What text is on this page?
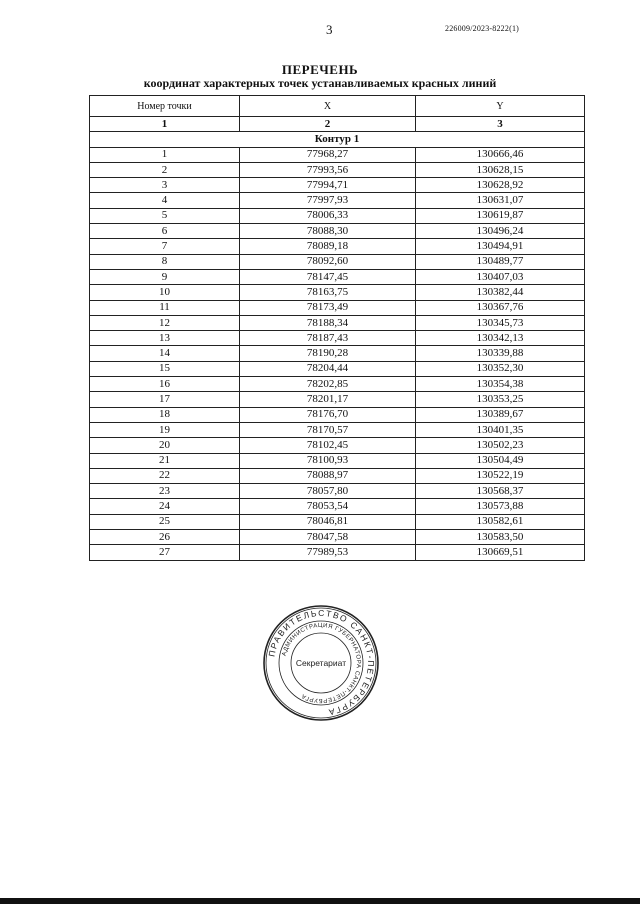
3	226009/2023-8222(1)
ПЕРЕЧЕНЬ
координат характерных точек устанавливаемых красных линий
Номер точки	X	Y
1	2	3
Контур 1		
1	77968,27	130666,46
2	77993,56	130628,15
3	77994,71	130628,92
4	77997,93	130631,07
5	78006,33	130619,87
6	78088,30	130496,24
7	78089,18	130494,91
8	78092,60	130489,77
9	78147,45	130407,03
10	78163,75	130382,44
11	78173,49	130367,76
12	78188,34	130345,73
13	78187,43	130342,13
14	78190,28	130339,88
15	78204,44	130352,30
16	78202,85	130354,38
17	78201,17	130353,25
18	78176,70	130389,67
19	78170,57	130401,35
20	78102,45	130502,23
21	78100,93	130504,49
22	78088,97	130522,19
23	78057,80	130568,37
24	78053,54	130573,88
25	78046,81	130582,61
26	78047,58	130583,50
27	77989,53	130669,51
ПРАВИТЕЛЬСТВО САНКТ-ПЕТЕРБУРГА
АДМИНИСТРАЦИЯ ГУБЕРНАТОРА САНКТ-ПЕТЕРБУРГА
Секретариат
